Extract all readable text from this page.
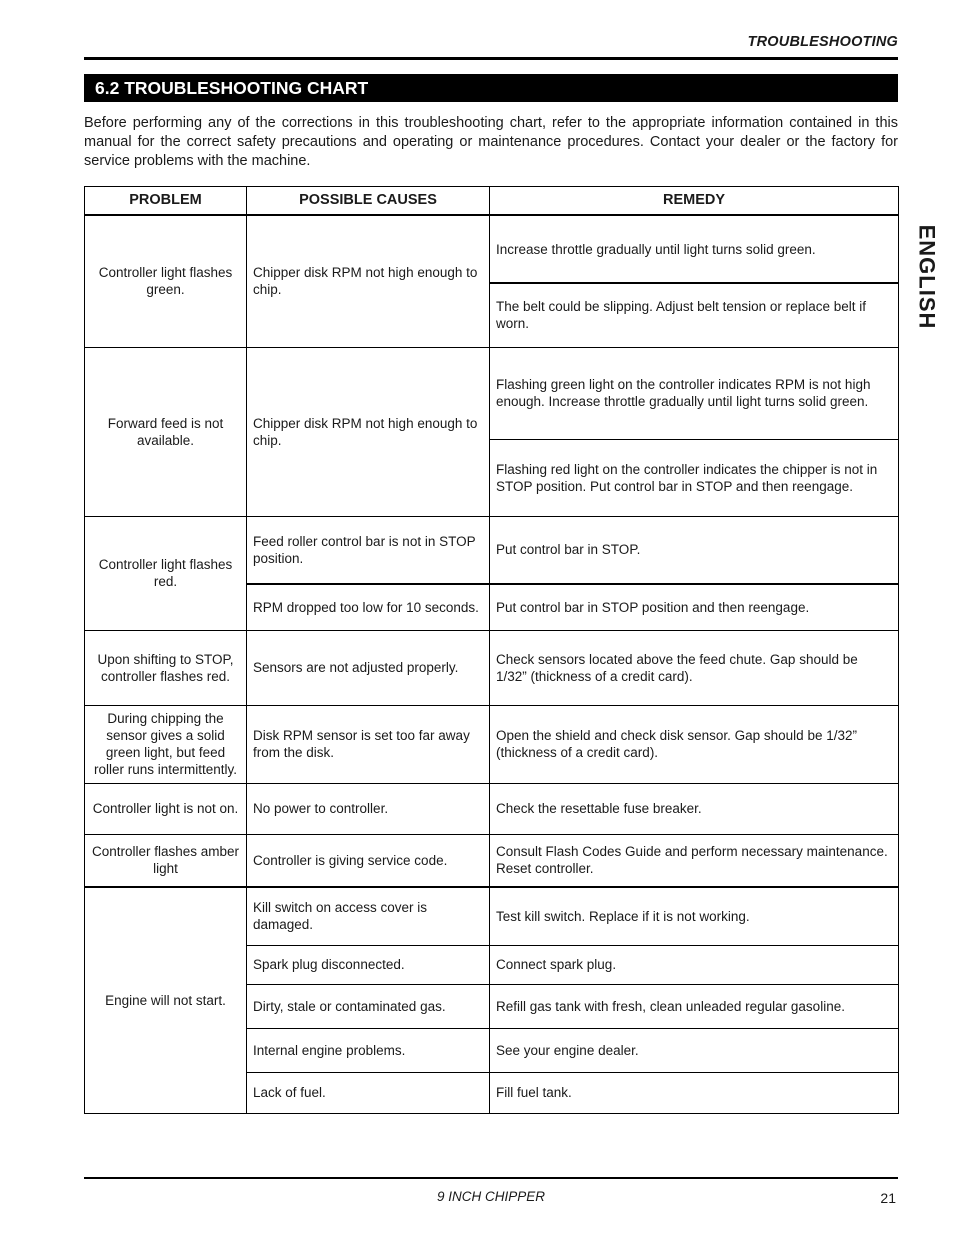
TROUBLESHOOTING
6.2 TROUBLESHOOTING CHART

Before performing any of the corrections in this troubleshooting chart, refer to the appropriate information contained in this manual for the correct safety precautions and operating or maintenance procedures. Contact your dealer or the factory for service problems with the machine.

ENGLISH
PROBLEM	POSSIBLE CAUSES	REMEDY
Controller light flashes green.	Chipper disk RPM not high enough to chip.	Increase throttle gradually until light turns solid green.
		The belt could be slipping. Adjust belt tension or replace belt if worn.
Forward feed is not available.	Chipper disk RPM not high enough to chip.	Flashing green light on the controller indicates RPM is not high enough. Increase throttle gradually until light turns solid green.
		Flashing red light on the controller indicates the chipper is not in STOP position. Put control bar in STOP and then reengage.
Controller light flashes red.	Feed roller control bar is not in STOP position.	Put control bar in STOP.
	RPM dropped too low for 10 seconds.	Put control bar in STOP position and then reengage.
Upon shifting to STOP, controller flashes red.	Sensors are not adjusted properly.	Check sensors located above the feed chute. Gap should be 1/32” (thickness of a credit card).
During chipping the sensor gives a solid green light, but feed roller runs intermittently.	Disk RPM sensor is set too far away from the disk.	Open the shield and check disk sensor. Gap should be 1/32” (thickness of a credit card).
Controller light is not on.	No power to controller.	Check the resettable fuse breaker.
Controller flashes amber light	Controller is giving service code.	Consult Flash Codes Guide and perform necessary maintenance. Reset controller.
Engine will not start.	Kill switch on access cover is damaged.	Test kill switch. Replace if it is not working.
	Spark plug disconnected.	Connect spark plug.
	Dirty, stale or contaminated gas.	Refill gas tank with fresh, clean unleaded regular gasoline.
	Internal engine problems.	See your engine dealer.
	Lack of fuel.	Fill fuel tank.
9 INCH CHIPPER	21
